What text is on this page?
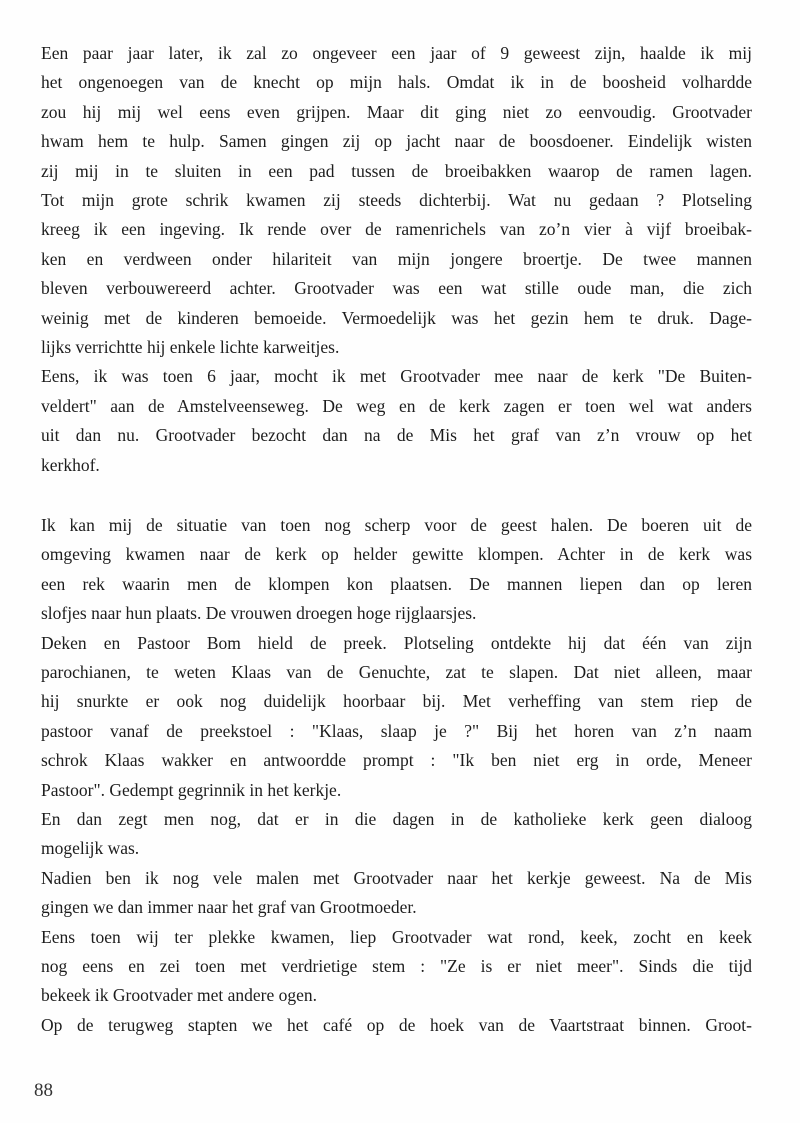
Een paar jaar later, ik zal zo ongeveer een jaar of 9 geweest zijn, haalde ik mij
het ongenoegen van de knecht op mijn hals. Omdat ik in de boosheid volhardde
zou hij mij wel eens even grijpen. Maar dit ging niet zo eenvoudig. Grootvader
hwam hem te hulp. Samen gingen zij op jacht naar de boosdoener. Eindelijk wisten
zij mij in te sluiten in een pad tussen de broeibakken waarop de ramen lagen.
Tot mijn grote schrik kwamen zij steeds dichterbij. Wat nu gedaan ? Plotseling
kreeg ik een ingeving. Ik rende over de ramenrichels van zo’n vier à vijf broeibak-
ken en verdween onder hilariteit van mijn jongere broertje. De twee mannen
bleven verbouwereerd achter. Grootvader was een wat stille oude man, die zich
weinig met de kinderen bemoeide. Vermoedelijk was het gezin hem te druk. Dage-
lijks verrichtte hij enkele lichte karweitjes.
Eens, ik was toen 6 jaar, mocht ik met Grootvader mee naar de kerk "De Buiten-
veldert" aan de Amstelveenseweg. De weg en de kerk zagen er toen wel wat anders
uit dan nu. Grootvader bezocht dan na de Mis het graf van z’n vrouw op het
kerkhof.
Ik kan mij de situatie van toen nog scherp voor de geest halen. De boeren uit de
omgeving kwamen naar de kerk op helder gewitte klompen. Achter in de kerk was
een rek waarin men de klompen kon plaatsen. De mannen liepen dan op leren
slofjes naar hun plaats. De vrouwen droegen hoge rijglaarsjes.
Deken en Pastoor Bom hield de preek. Plotseling ontdekte hij dat één van zijn
parochianen, te weten Klaas van de Genuchte, zat te slapen. Dat niet alleen, maar
hij snurkte er ook nog duidelijk hoorbaar bij. Met verheffing van stem riep de
pastoor vanaf de preekstoel : "Klaas, slaap je ?" Bij het horen van z’n naam
schrok Klaas wakker en antwoordde prompt : "Ik ben niet erg in orde, Meneer
Pastoor". Gedempt gegrinnik in het kerkje.
En dan zegt men nog, dat er in die dagen in de katholieke kerk geen dialoog
mogelijk was.
Nadien ben ik nog vele malen met Grootvader naar het kerkje geweest. Na de Mis
gingen we dan immer naar het graf van Grootmoeder.
Eens toen wij ter plekke kwamen, liep Grootvader wat rond, keek, zocht en keek
nog eens en zei toen met verdrietige stem : "Ze is er niet meer". Sinds die tijd
bekeek ik Grootvader met andere ogen.
Op de terugweg stapten we het café op de hoek van de Vaartstraat binnen. Groot-
88
